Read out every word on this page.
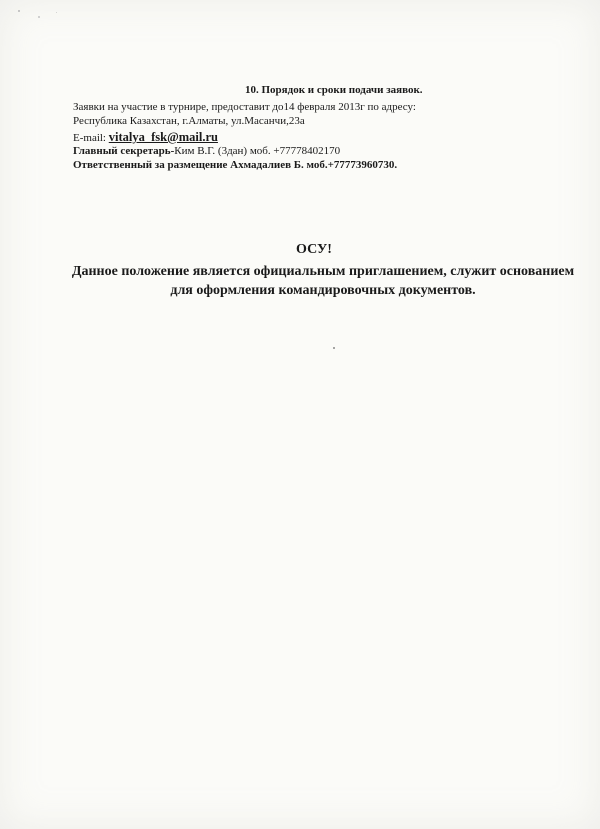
10. Порядок и сроки подачи заявок.
Заявки на участие в турнире, предоставит до14 февраля 2013г по адресу:
Республика Казахстан, г.Алматы, ул.Масанчи,23а
E-mail: vitalya_fsk@mail.ru
Главный секретарь-Ким В.Г. (3дан) моб. +77778402170
Ответственный за размещение Ахмадалиев Б. моб.+77773960730.
ОСУ!
Данное положение является официальным приглашением, служит основанием для оформления командировочных документов.
